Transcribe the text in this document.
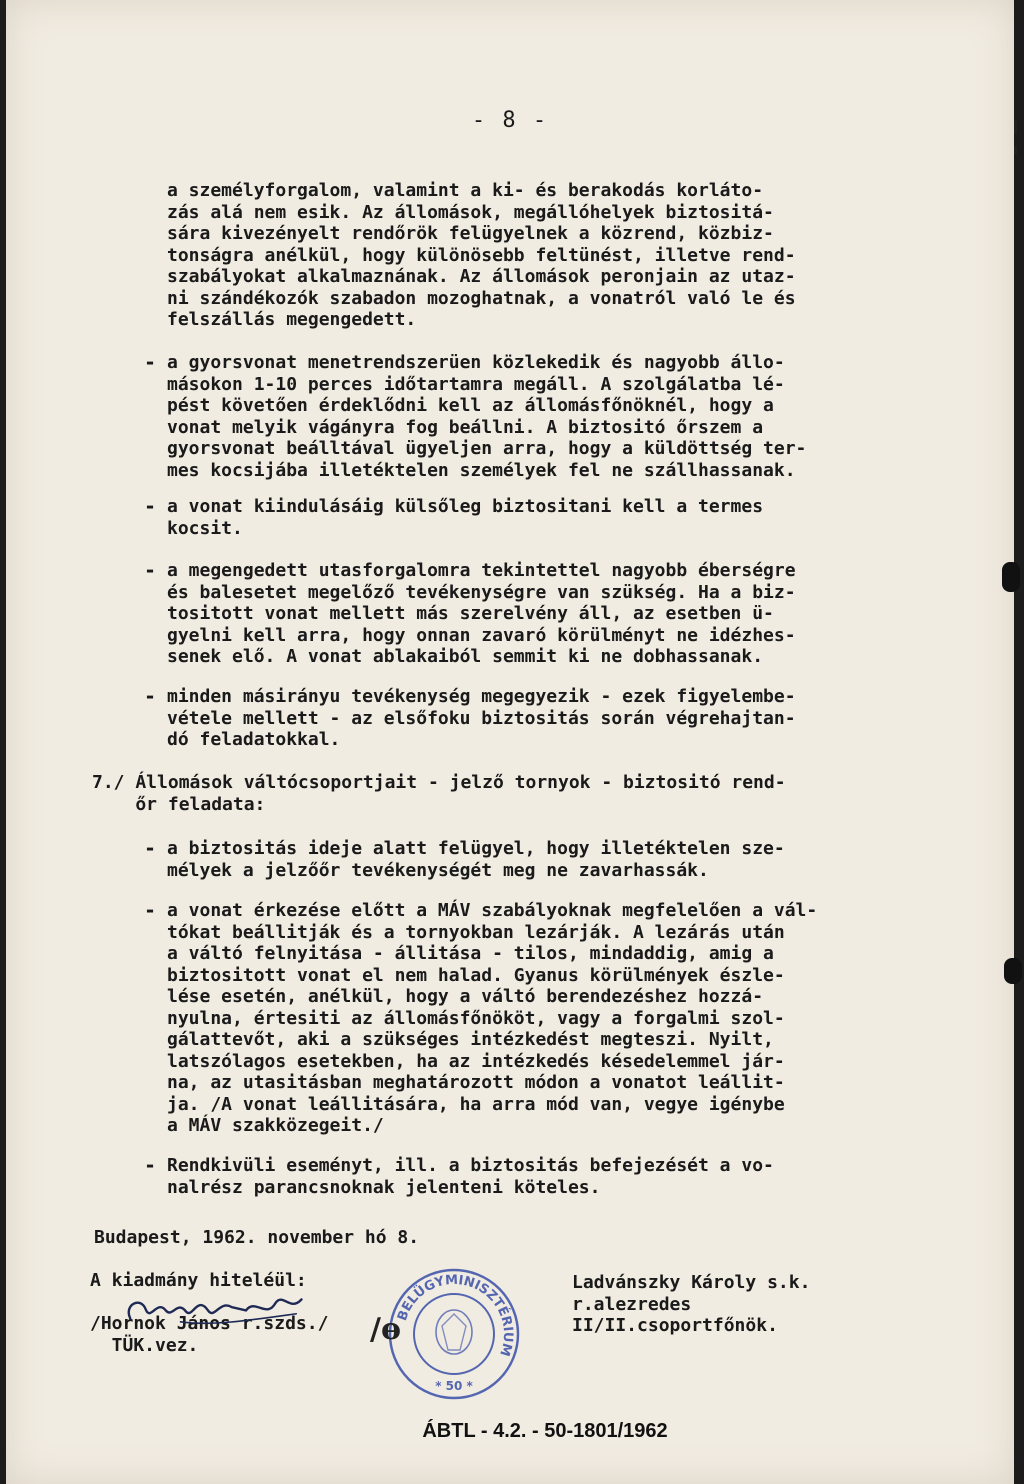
- 8 -
a személyforgalom, valamint a ki- és berakodás korláto-
zás alá nem esik. Az állomások, megállóhelyek biztositá-
sára kivezényelt rendőrök felügyelnek a közrend, közbiz-
tonságra anélkül, hogy különösebb feltünést, illetve rend-
szabályokat alkalmaznának. Az állomások peronjain az utaz-
ni szándékozók szabadon mozoghatnak, a vonatról való le és
felszállás megengedett.
- a gyorsvonat menetrendszerüen közlekedik és nagyobb állo-
másokon 1-10 perces időtartamra megáll. A szolgálatba lé-
pést követően érdeklődni kell az állomásfőnöknél, hogy a
vonat melyik vágányra fog beállni. A biztositó őrszem a
gyorsvonat beálltával ügyeljen arra, hogy a küldöttség ter-
mes kocsijába illetéktelen személyek fel ne szállhassanak.
- a vonat kiindulásáig külsőleg biztositani kell a termes
kocsit.
- a megengedett utasforgalomra tekintettel nagyobb éberségre
és balesetet megelőző tevékenységre van szükség. Ha a biz-
tositott vonat mellett más szerelvény áll, az esetben ü-
gyelni kell arra, hogy onnan zavaró körülményt ne idézhes-
senek elő. A vonat ablakaiból semmit ki ne dobhassanak.
- minden másirányu tevékenység megegyezik - ezek figyelembe-
vétele mellett - az elsőfoku biztositás során végrehajtan-
dó feladatokkal.
7./ Állomások váltócsoportjait - jelző tornyok - biztositó rend-
őr feladata:
- a biztositás ideje alatt felügyel, hogy illetéktelen sze-
mélyek a jelzőőr tevékenységét meg ne zavarhassák.
- a vonat érkezése előtt a MÁV szabályoknak megfelelően a vál-
tókat beállitják és a tornyokban lezárják. A lezárás után
a váltó felnyitása - állitása - tilos, mindaddig, amig a
biztositott vonat el nem halad. Gyanus körülmények észle-
lése esetén, anélkül, hogy a váltó berendezéshez hozzá-
nyulna, értesiti az állomásfőnököt, vagy a forgalmi szol-
gálattevőt, aki a szükséges intézkedést megteszi. Nyilt,
latszólagos esetekben, ha az intézkedés késedelemmel jár-
na, az utasitásban meghatározott módon a vonatot leállit-
ja. /A vonat leállitására, ha arra mód van, vegye igénybe
a MÁV szakközegeit./
- Rendkivüli eseményt, ill. a biztositás befejezését a vo-
nalrész parancsnoknak jelenteni köteles.
Budapest, 1962. november hó 8.
A kiadmány hiteléül:

/Hornok János r.szds./
TÜK.vez.
BELÜGYMINISZTÉRIUM
* 50 *
/ɵ
Ladvánszky Károly s.k.
r.alezredes
II/II.csoportfőnök.
ÁBTL - 4.2. - 50-1801/1962
